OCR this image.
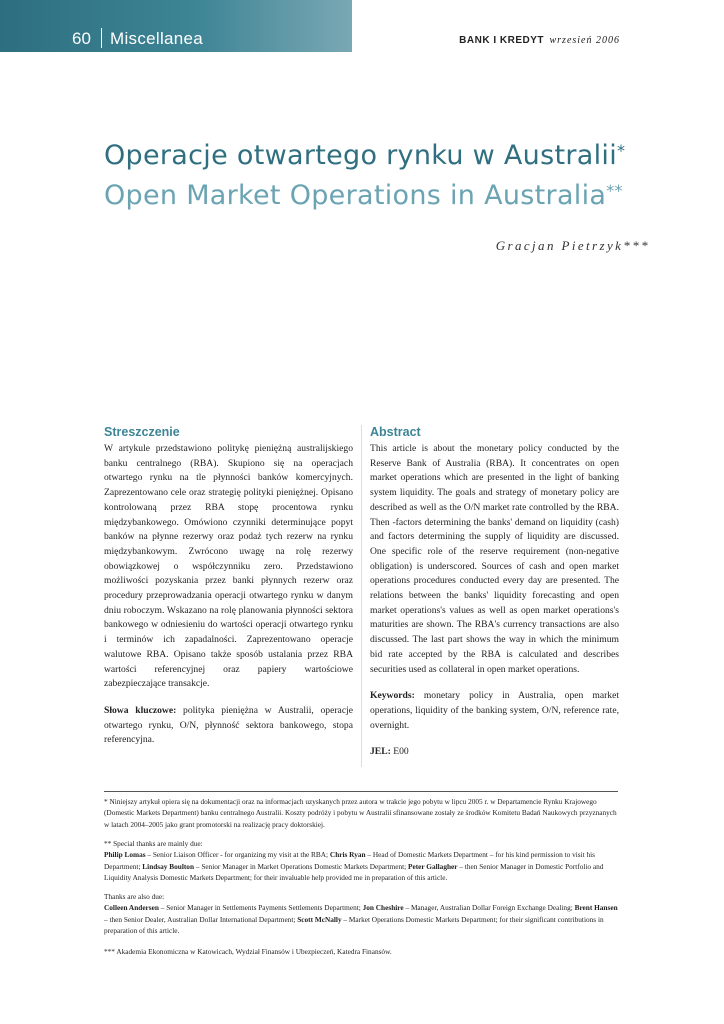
60 Miscellanea	BANK I KREDYT wrzesień 2006
Operacje otwartego rynku w Australii*
Open Market Operations in Australia**
Gracjan Pietrzyk***
Streszczenie

W artykule przedstawiono politykę pieniężną australijskiego banku centralnego (RBA). Skupiono się na operacjach otwartego rynku na tle płynności banków komercyjnych. Zaprezentowano cele oraz strategię polityki pieniężnej. Opisano kontrolowaną przez RBA stopę procentowa rynku międzybankowego. Omówiono czynniki determinujące popyt banków na płynne rezerwy oraz podaż tych rezerw na rynku międzybankowym. Zwrócono uwagę na rolę rezerwy obowiązkowej o współczynniku zero. Przedstawiono możliwości pozyskania przez banki płynnych rezerw oraz procedury przeprowadzania operacji otwartego rynku w danym dniu roboczym. Wskazano na rolę planowania płynności sektora bankowego w odniesieniu do wartości operacji otwartego rynku i terminów ich zapadalności. Zaprezentowano operacje walutowe RBA. Opisano także sposób ustalania przez RBA wartości referencyjnej oraz papiery wartościowe zabezpieczające transakcje.

Słowa kluczowe: polityka pieniężna w Australii, operacje otwartego rynku, O/N, płynność sektora bankowego, stopa referencyjna.

Abstract

This article is about the monetary policy conducted by the Reserve Bank of Australia (RBA). It concentrates on open market operations which are presented in the light of banking system liquidity. The goals and strategy of monetary policy are described as well as the O/N market rate controlled by the RBA. Then -factors determining the banks' demand on liquidity (cash) and factors determining the supply of liquidity are discussed. One specific role of the reserve requirement (non-negative obligation) is underscored. Sources of cash and open market operations procedures conducted every day are presented. The relations between the banks' liquidity forecasting and open market operations's values as well as open market operations's maturities are shown. The RBA's currency transactions are also discussed. The last part shows the way in which the minimum bid rate accepted by the RBA is calculated and describes securities used as collateral in open market operations.

Keywords: monetary policy in Australia, open market operations, liquidity of the banking system, O/N, reference rate, overnight.

JEL: E00

* Niniejszy artykuł opiera się na dokumentacji oraz na informacjach uzyskanych przez autora w trakcie jego pobytu w lipcu 2005 r. w Departamencie Rynku Krajowego (Domestic Markets Department) banku centralnego Australii. Koszty podróży i pobytu w Australii sfinansowane zostały ze środków Komitetu Badań Naukowych przyznanych w latach 2004–2005 jako grant promotorski na realizację pracy doktorskiej.

** Special thanks are mainly due:

Philip Lomas – Senior Liaison Officer - for organizing my visit at the RBA; Chris Ryan – Head of Domestic Markets Department – for his kind permission to visit his Department; Lindsay Boulton – Senior Manager in Market Operations Domestic Markets Department; Peter Gallagher – then Senior Manager in Domestic Portfolio and Liquidity Analysis Domestic Markets Department; for their invaluable help provided me in preparation of this article.

Thanks are also due:

Colleen Andersen – Senior Manager in Settlements Payments Settlements Department; Jon Cheshire – Manager, Australian Dollar Foreign Exchange Dealing; Brent Hansen – then Senior Dealer, Australian Dollar International Department; Scott McNally – Market Operations Domestic Markets Department; for their significant contributions in preparation of this article.

*** Akademia Ekonomiczna w Katowicach, Wydział Finansów i Ubezpieczeń, Katedra Finansów.
